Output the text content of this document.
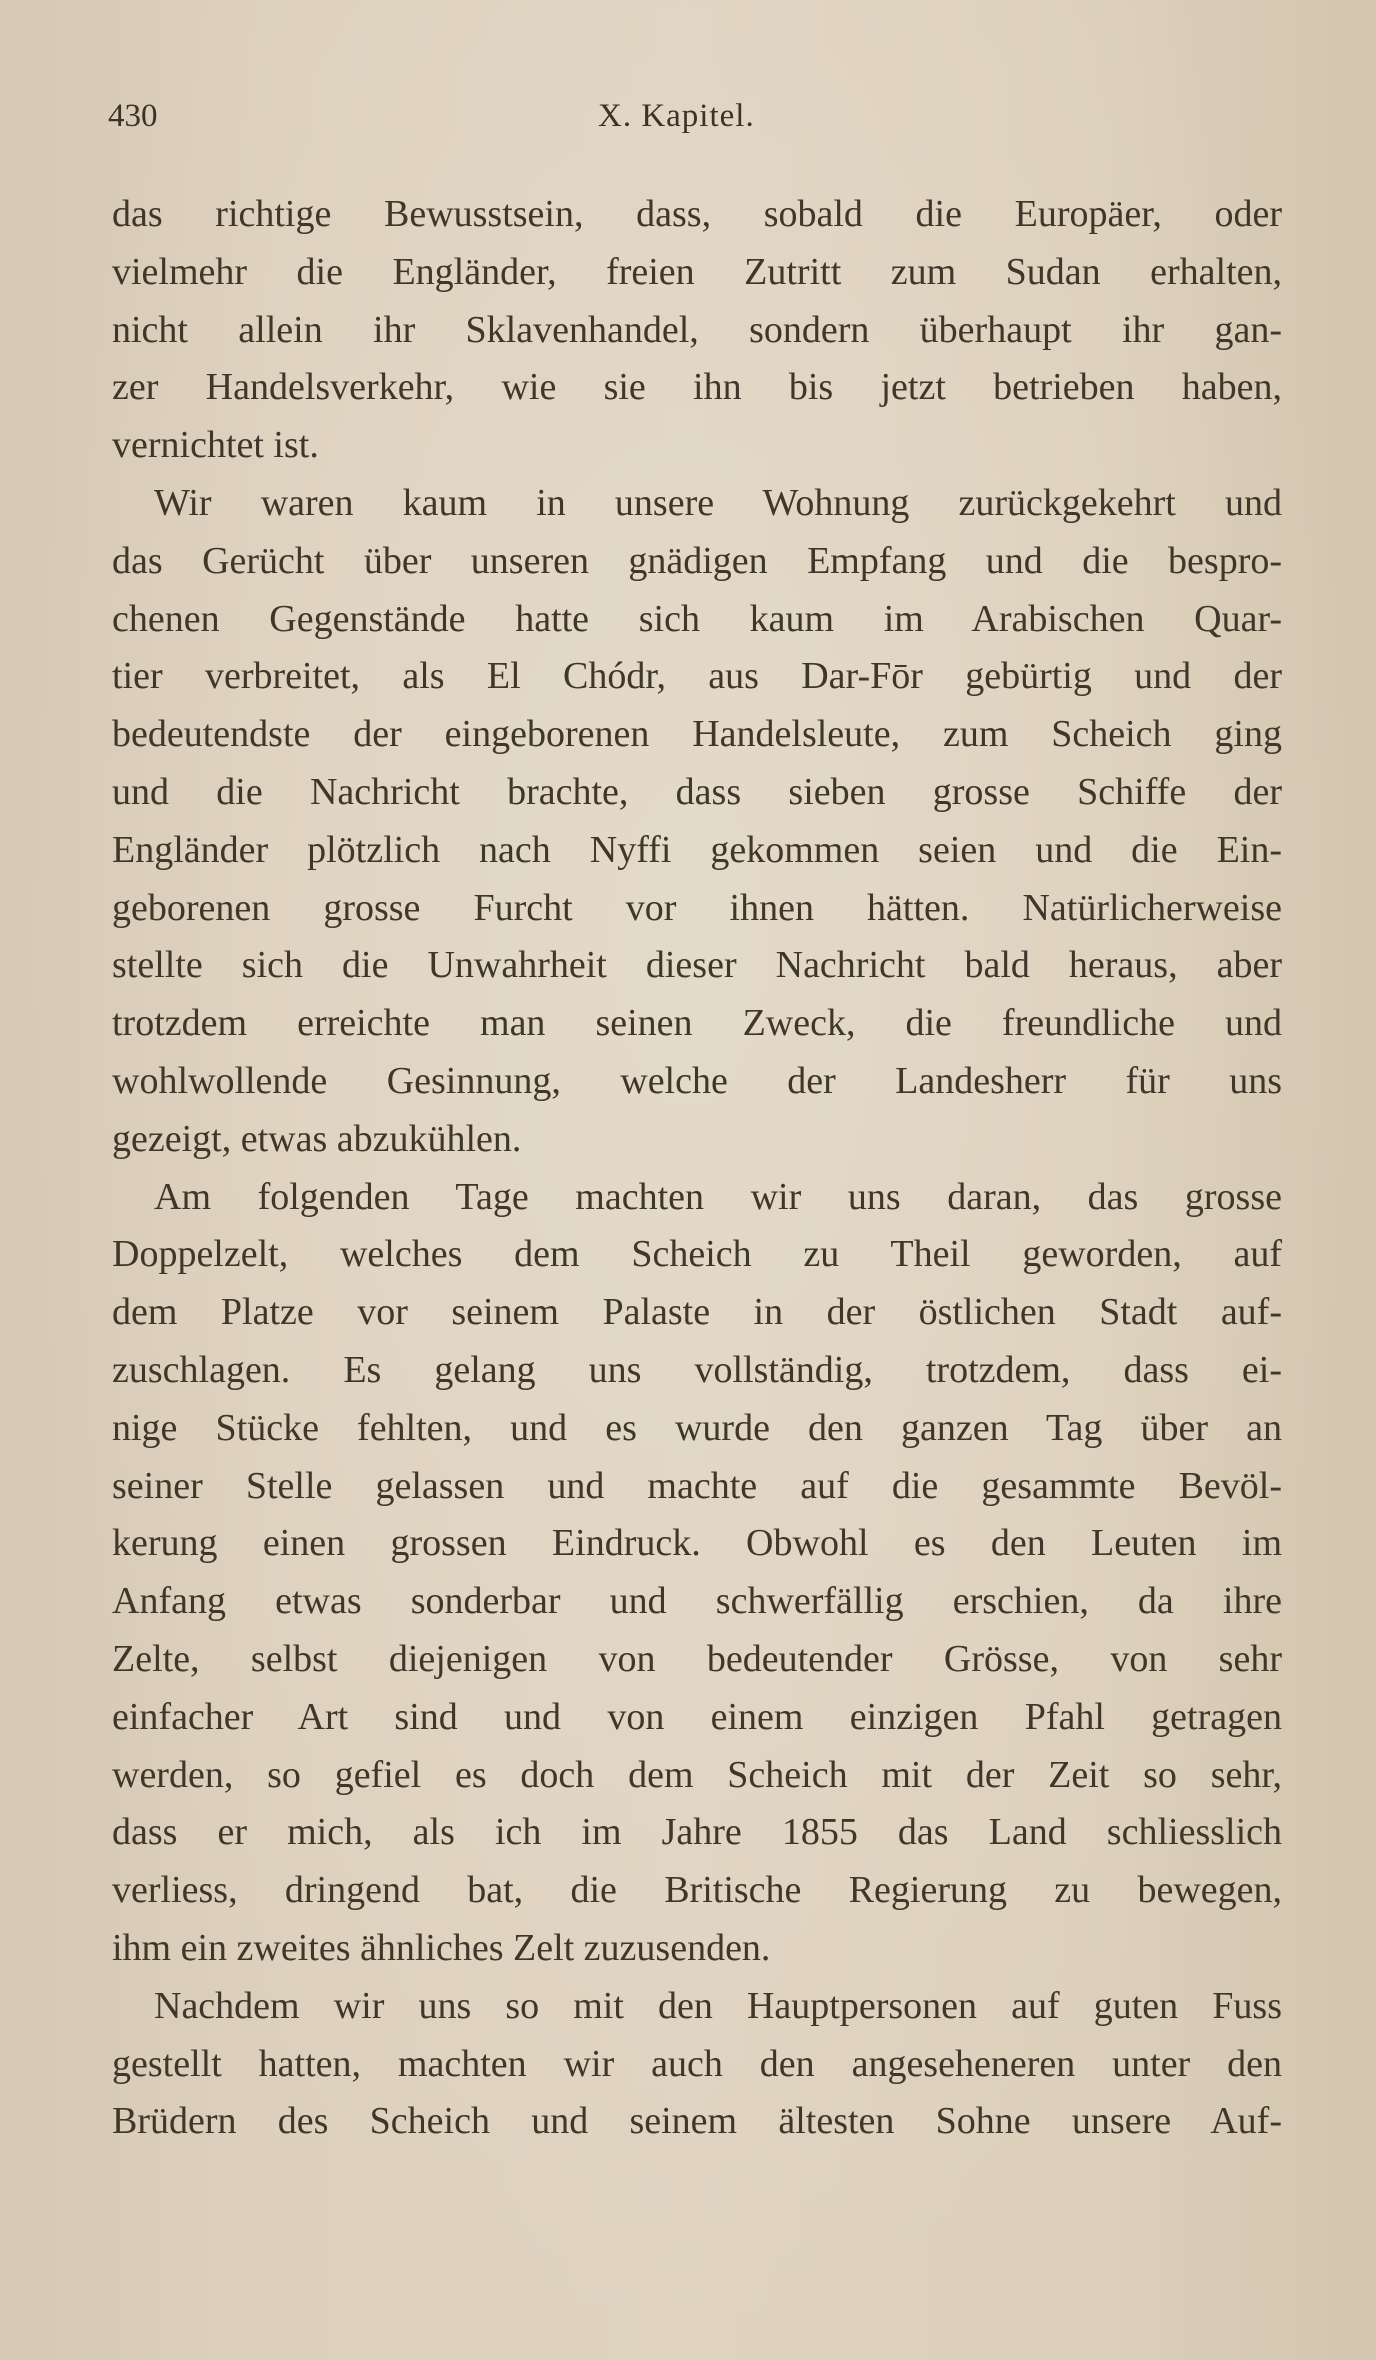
430	X. Kapitel.
das richtige Bewusstsein, dass, sobald die Europäer, oder
vielmehr die Engländer, freien Zutritt zum Sudan erhalten,
nicht allein ihr Sklavenhandel, sondern überhaupt ihr gan-
zer Handelsverkehr, wie sie ihn bis jetzt betrieben haben,
vernichtet ist.
Wir waren kaum in unsere Wohnung zurückgekehrt und
das Gerücht über unseren gnädigen Empfang und die bespro-
chenen Gegenstände hatte sich kaum im Arabischen Quar-
tier verbreitet, als El Chódr, aus Dar-Fōr gebürtig und der
bedeutendste der eingeborenen Handelsleute, zum Scheich ging
und die Nachricht brachte, dass sieben grosse Schiffe der
Engländer plötzlich nach Nyffi gekommen seien und die Ein-
geborenen grosse Furcht vor ihnen hätten. Natürlicherweise
stellte sich die Unwahrheit dieser Nachricht bald heraus, aber
trotzdem erreichte man seinen Zweck, die freundliche und
wohlwollende Gesinnung, welche der Landesherr für uns
gezeigt, etwas abzukühlen.
Am folgenden Tage machten wir uns daran, das grosse
Doppelzelt, welches dem Scheich zu Theil geworden, auf
dem Platze vor seinem Palaste in der östlichen Stadt auf-
zuschlagen. Es gelang uns vollständig, trotzdem, dass ei-
nige Stücke fehlten, und es wurde den ganzen Tag über an
seiner Stelle gelassen und machte auf die gesammte Bevöl-
kerung einen grossen Eindruck. Obwohl es den Leuten im
Anfang etwas sonderbar und schwerfällig erschien, da ihre
Zelte, selbst diejenigen von bedeutender Grösse, von sehr
einfacher Art sind und von einem einzigen Pfahl getragen
werden, so gefiel es doch dem Scheich mit der Zeit so sehr,
dass er mich, als ich im Jahre 1855 das Land schliesslich
verliess, dringend bat, die Britische Regierung zu bewegen,
ihm ein zweites ähnliches Zelt zuzusenden.
Nachdem wir uns so mit den Hauptpersonen auf guten Fuss
gestellt hatten, machten wir auch den angeseheneren unter den
Brüdern des Scheich und seinem ältesten Sohne unsere Auf-
